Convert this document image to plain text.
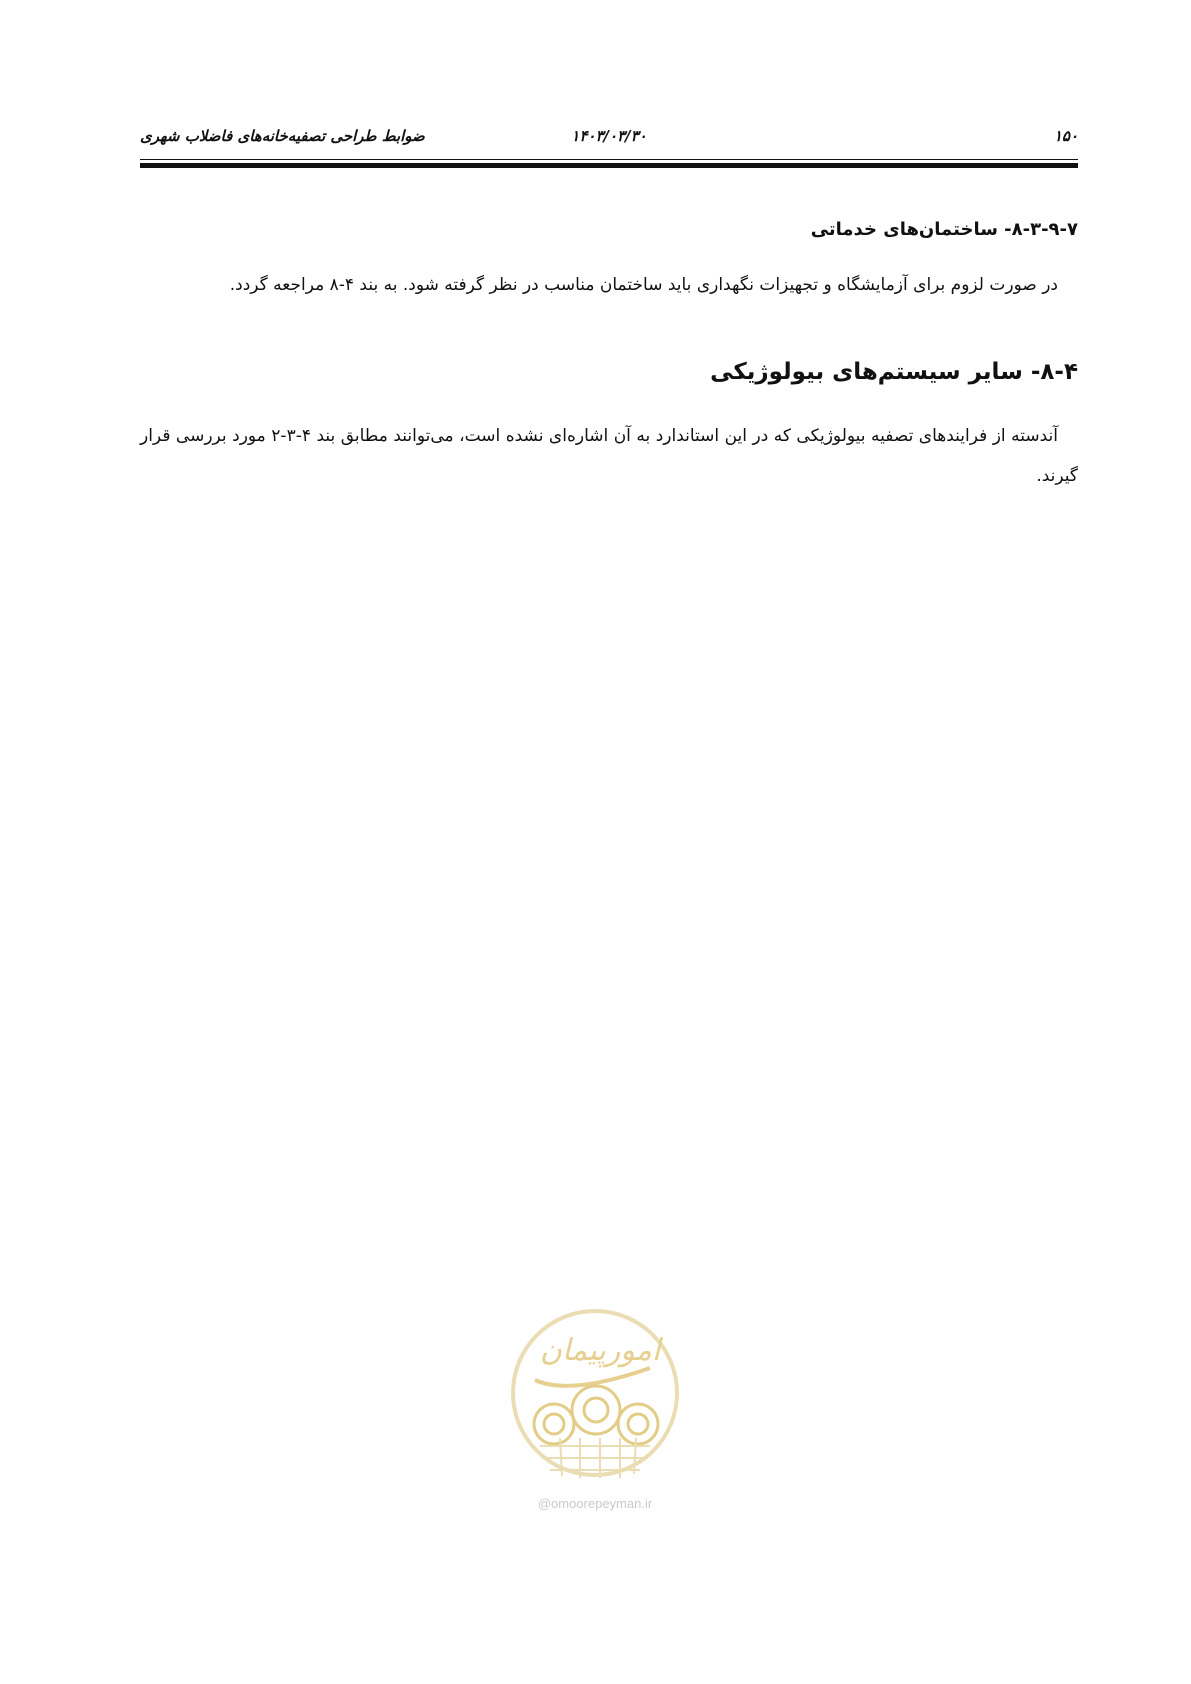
۱۵۰
۱۴۰۳/۰۳/۳۰
ضوابط طراحی تصفیه‌خانه‌های فاضلاب شهری
۸-۳-۹-۷- ساختمان‌های خدماتی
در صورت لزوم برای آزمایشگاه و تجهیزات نگهداری باید ساختمان مناسب در نظر گرفته شود. به بند ۴-۸ مراجعه گردد.
۸-۴- سایر سیستم‌های بیولوژیکی
آندسته از فرایندهای تصفیه بیولوژیکی که در این استاندارد به آن اشاره‌ای نشده است، می‌توانند مطابق بند ۴-۳-۲ مورد بررسی قرار گیرند.
امورپیمان
@omoorepeyman.ir
